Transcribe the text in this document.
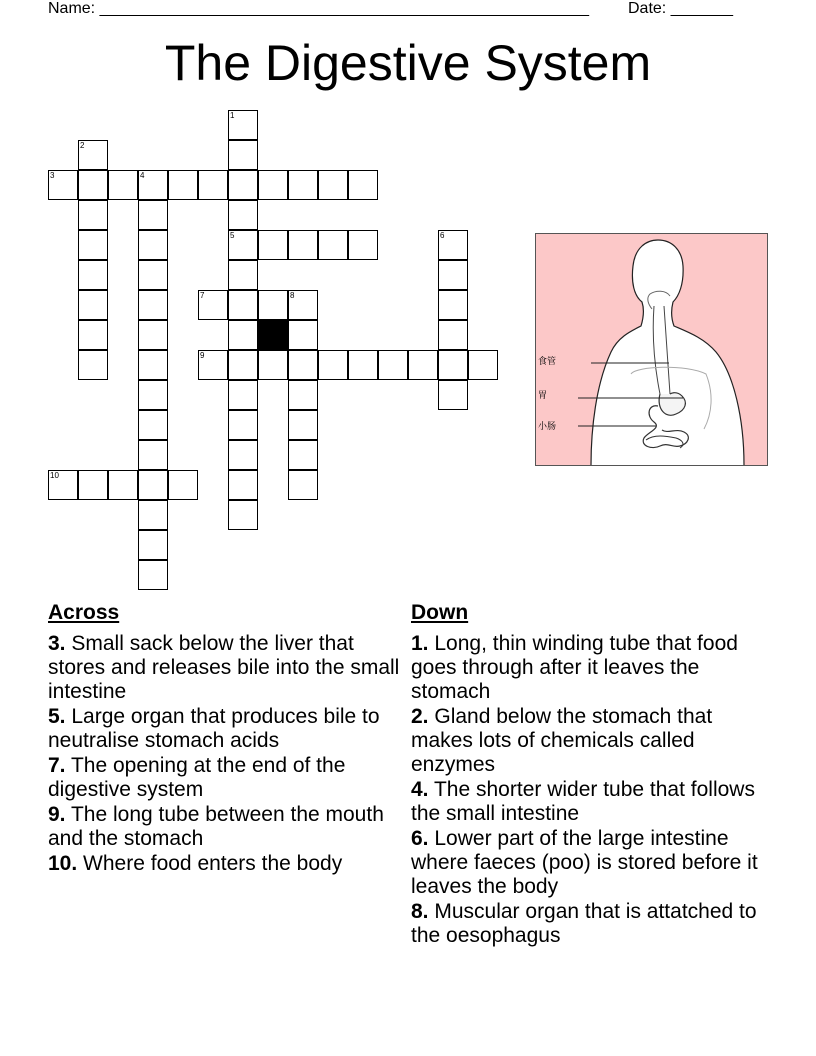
Name: _______________________________________________________ Date: _______
The Digestive System
3	4
5
7	8
9
10
1
2
6
食管
胃
小肠
Across
3. Small sack below the liver that stores and releases bile into the small intestine
5. Large organ that produces bile to neutralise stomach acids
7. The opening at the end of the digestive system
9. The long tube between the mouth and the stomach
10. Where food enters the body
Down
1. Long, thin winding tube that food goes through after it leaves the stomach
2. Gland below the stomach that makes lots of chemicals called enzymes
4. The shorter wider tube that follows the small intestine
6. Lower part of the large intestine where faeces (poo) is stored before it leaves the body
8. Muscular organ that is attatched to the oesophagus
